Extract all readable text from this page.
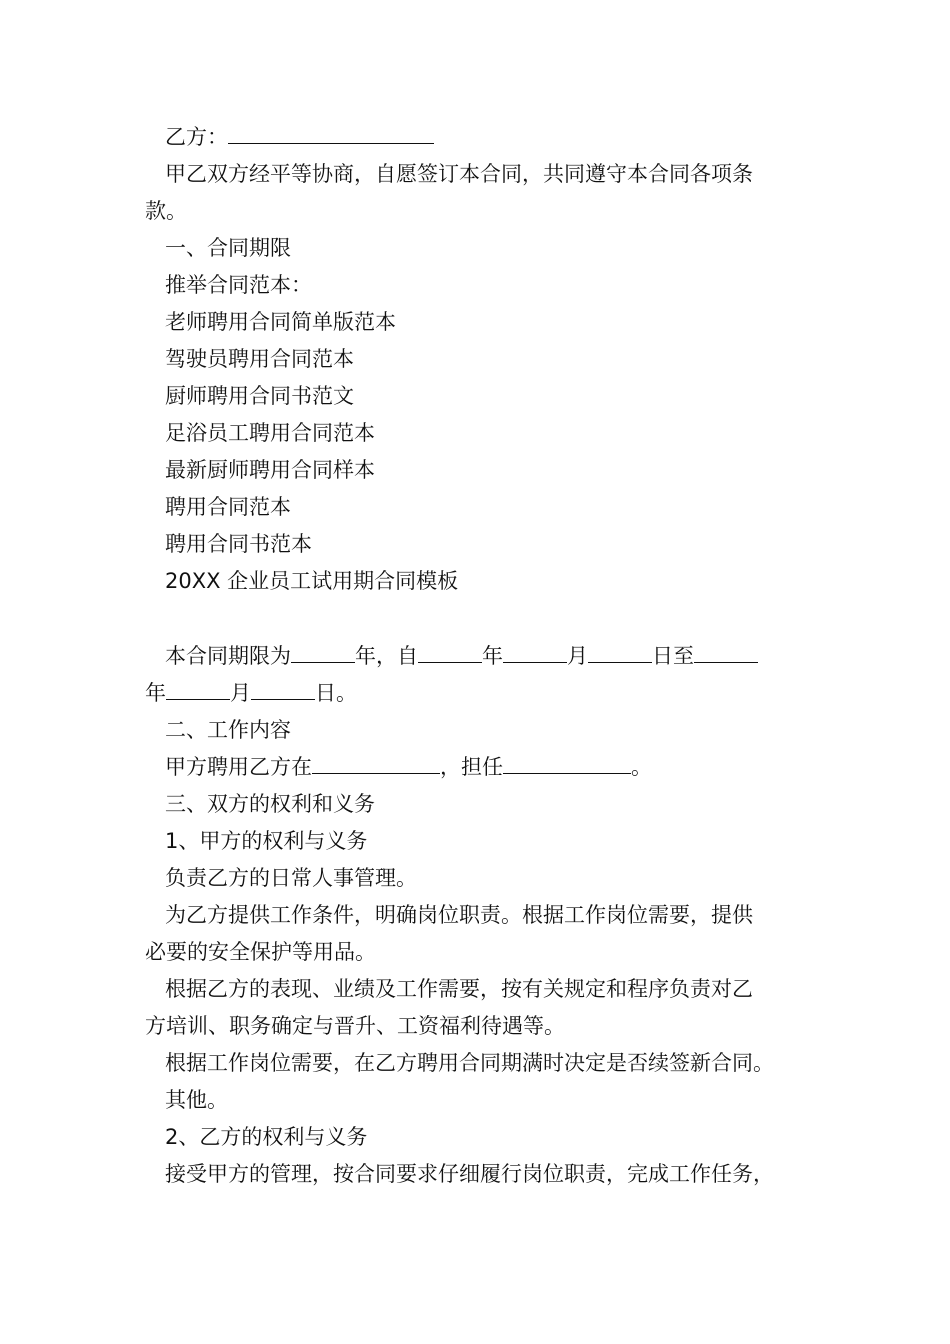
乙方：
甲乙双方经平等协商，自愿签订本合同，共同遵守本合同各项条
款。
一、合同期限
推举合同范本：
老师聘用合同简单版范本
驾驶员聘用合同范本
厨师聘用合同书范文
足浴员工聘用合同范本
最新厨师聘用合同样本
聘用合同范本
聘用合同书范本
20XX 企业员工试用期合同模板
本合同期限为	年，自	年	月	日至
年	月	日。
二、工作内容
甲方聘用乙方在	，担任	。
三、双方的权利和义务
1、甲方的权利与义务
负责乙方的日常人事管理。
为乙方提供工作条件，明确岗位职责。根据工作岗位需要，提供
必要的安全保护等用品。
根据乙方的表现、业绩及工作需要，按有关规定和程序负责对乙
方培训、职务确定与晋升、工资福利待遇等。
根据工作岗位需要，在乙方聘用合同期满时决定是否续签新合同。
其他。
2、乙方的权利与义务
接受甲方的管理，按合同要求仔细履行岗位职责，完成工作任务，
